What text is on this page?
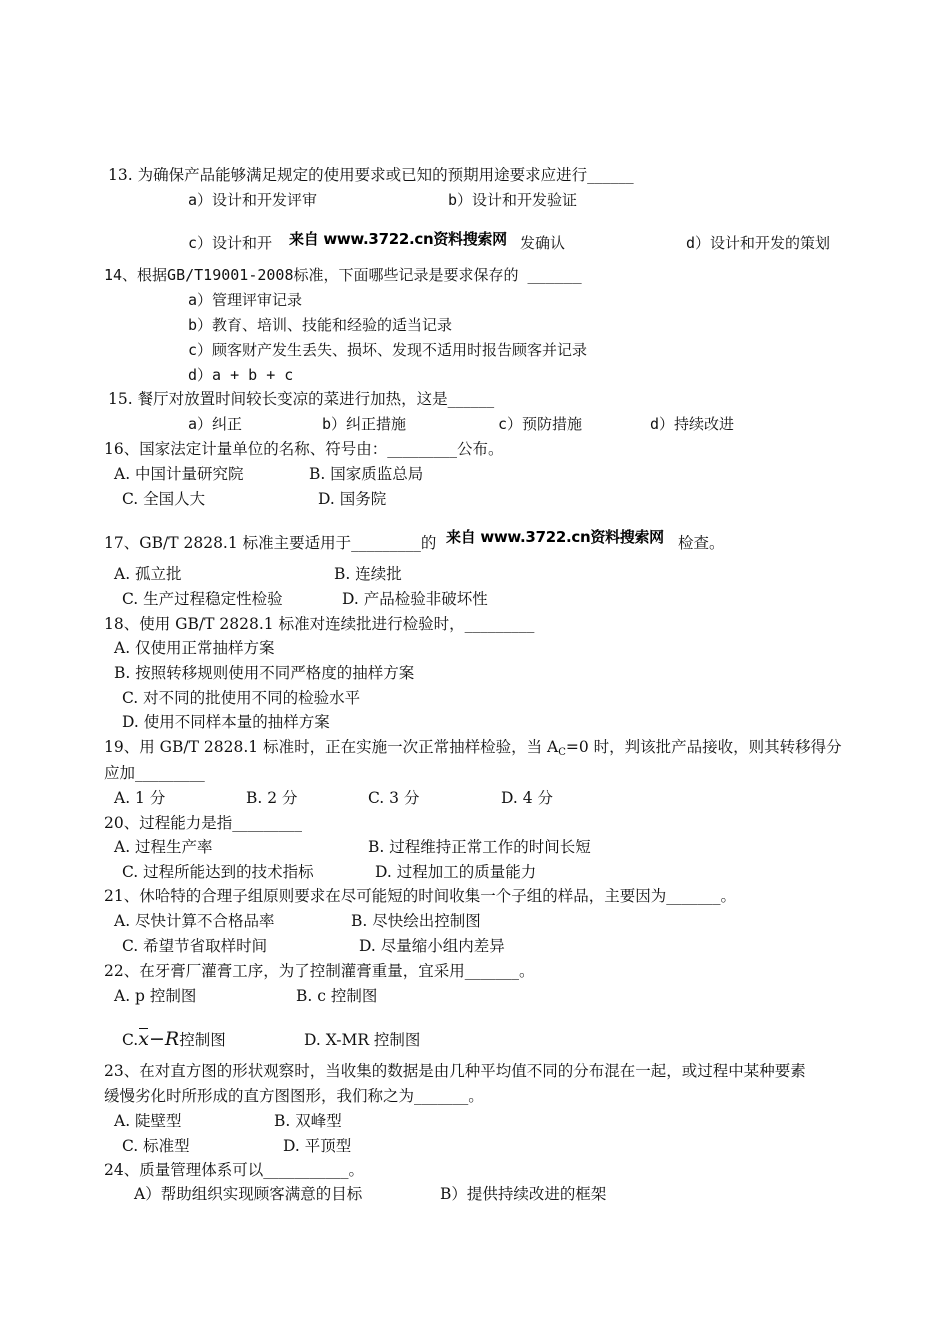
13. 为确保产品能够满足规定的使用要求或已知的预期用途要求应进行______
a）设计和开发评审	b）设计和开发验证
c）设计和开 来自 www.3722.cn资料搜索网 发确认	d）设计和开发的策划
14、根据GB/T19001-2008标准，下面哪些记录是要求保存的 ______
a）管理评审记录
b）教育、培训、技能和经验的适当记录
c）顾客财产发生丢失、损坏、发现不适用时报告顾客并记录
d）a + b + c
15. 餐厅对放置时间较长变凉的菜进行加热，这是______
a）纠正	b）纠正措施	c）预防措施	d）持续改进
16、国家法定计量单位的名称、符号由：_________公布。
A. 中国计量研究院	B. 国家质监总局
C. 全国人大	D. 国务院
17、GB/T 2828.1 标准主要适用于_________的 来自 www.3722.cn资料搜索网 检查。
A. 孤立批	B. 连续批
C. 生产过程稳定性检验	D. 产品检验非破坏性
18、使用 GB/T 2828.1 标准对连续批进行检验时，_________
A. 仅使用正常抽样方案
B. 按照转移规则使用不同严格度的抽样方案
C. 对不同的批使用不同的检验水平
D. 使用不同样本量的抽样方案
19、用 GB/T 2828.1 标准时，正在实施一次正常抽样检验，当 $A_C=0$ 时，判该批产品接收，则其转移得分
应加_________
A. 1 分	B. 2 分	C. 3 分	D. 4 分
20、过程能力是指_________
A. 过程生产率	B. 过程维持正常工作的时间长短
C. 过程所能达到的技术指标	D. 过程加工的质量能力
21、休哈特的合理子组原则要求在尽可能短的时间收集一个子组的样品，主要因为_______。
A. 尽快计算不合格品率	B. 尽快绘出控制图
C. 希望节省取样时间	D. 尽量缩小组内差异
22、在牙膏厂灌膏工序，为了控制灌膏重量，宜采用_______。
A. p 控制图	B. c 控制图
C.x−R控制图	D. X-MR 控制图
23、在对直方图的形状观察时，当收集的数据是由几种平均值不同的分布混在一起，或过程中某种要素
缓慢劣化时所形成的直方图图形，我们称之为_______。
A. 陡壁型	B. 双峰型
C. 标准型	D. 平顶型
24、质量管理体系可以___________。
A）帮助组织实现顾客满意的目标	B）提供持续改进的框架
